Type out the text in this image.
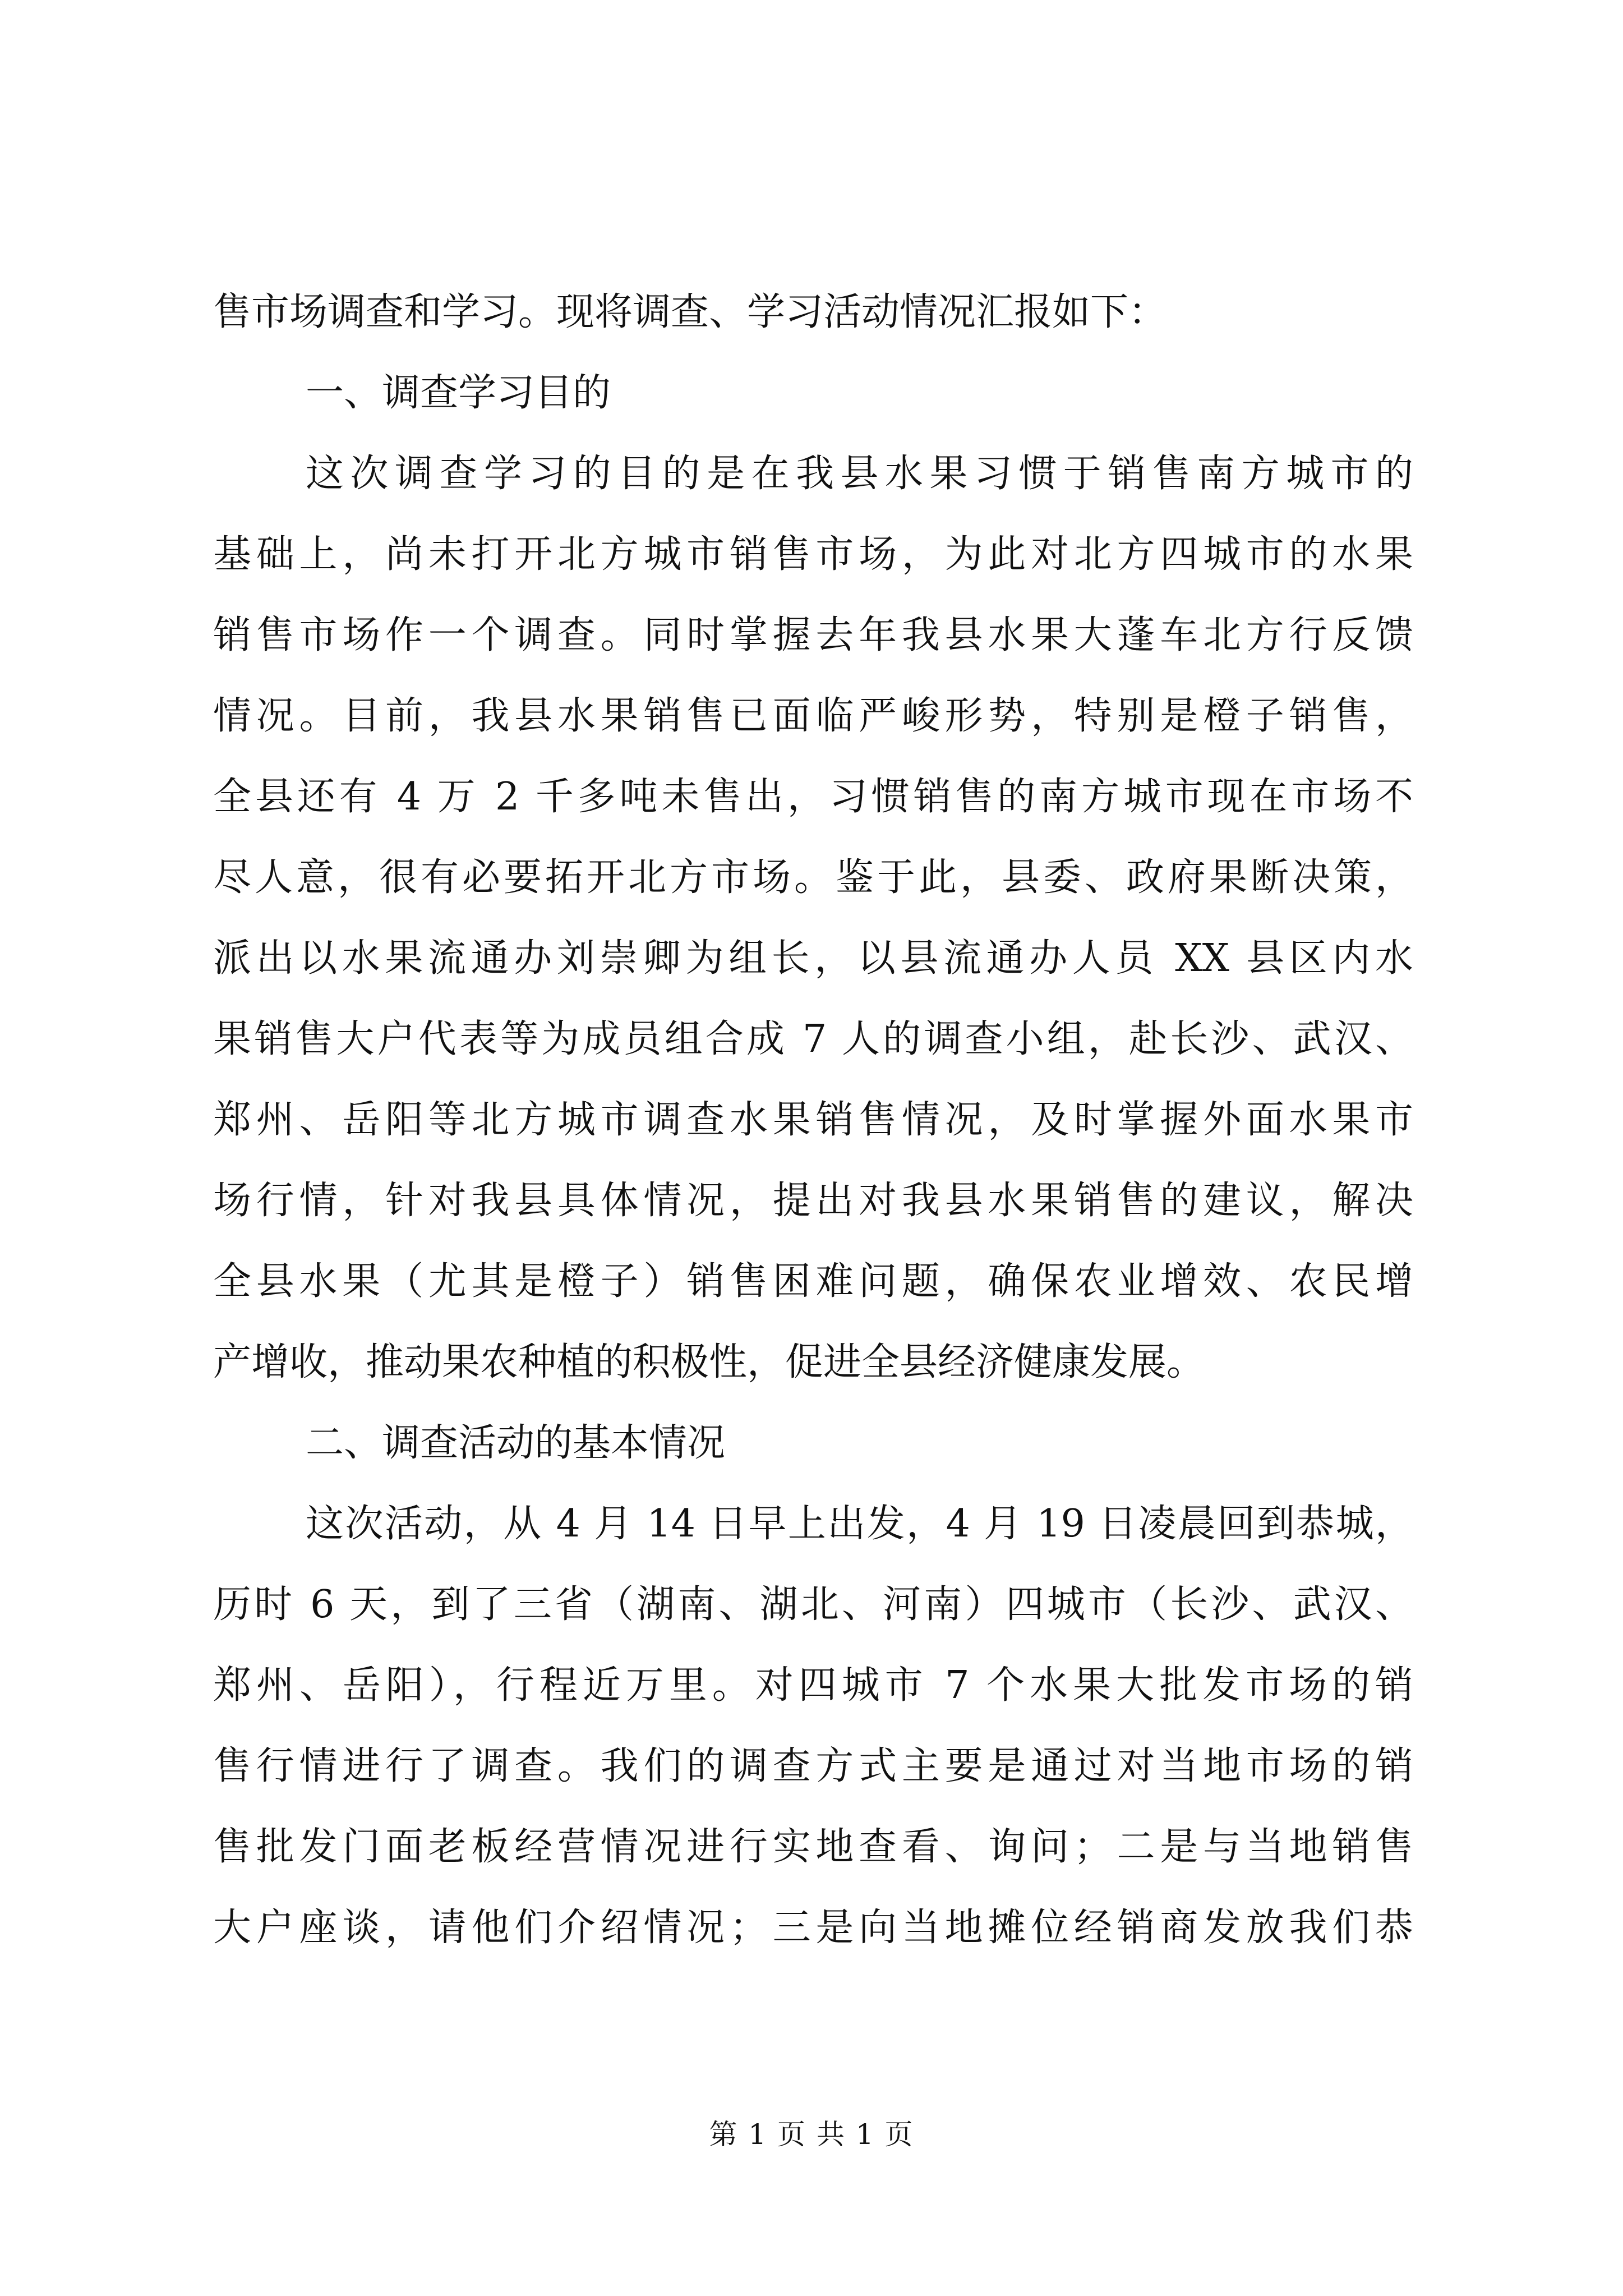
售市场调查和学习。现将调查、学习活动情况汇报如下：
一、调查学习目的
这次调查学习的目的是在我县水果习惯于销售南方城市的
基础上，尚未打开北方城市销售市场，为此对北方四城市的水果
销售市场作一个调查。同时掌握去年我县水果大蓬车北方行反馈
情况。目前，我县水果销售已面临严峻形势，特别是橙子销售，
全县还有 4 万 2 千多吨未售出，习惯销售的南方城市现在市场不
尽人意，很有必要拓开北方市场。鉴于此，县委、政府果断决策，
派出以水果流通办刘崇卿为组长，以县流通办人员 XX 县区内水
果销售大户代表等为成员组合成 7 人的调查小组，赴长沙、武汉、
郑州、岳阳等北方城市调查水果销售情况，及时掌握外面水果市
场行情，针对我县具体情况，提出对我县水果销售的建议，解决
全县水果（尤其是橙子）销售困难问题，确保农业增效、农民增
产增收，推动果农种植的积极性，促进全县经济健康发展。
二、调查活动的基本情况
这次活动，从 4 月 14 日早上出发，4 月 19 日凌晨回到恭城，
历时 6 天，到了三省（湖南、湖北、河南）四城市（长沙、武汉、
郑州、岳阳），行程近万里。对四城市 7 个水果大批发市场的销
售行情进行了调查。我们的调查方式主要是通过对当地市场的销
售批发门面老板经营情况进行实地查看、询问；二是与当地销售
大户座谈，请他们介绍情况；三是向当地摊位经销商发放我们恭
第 1 页 共 1 页
